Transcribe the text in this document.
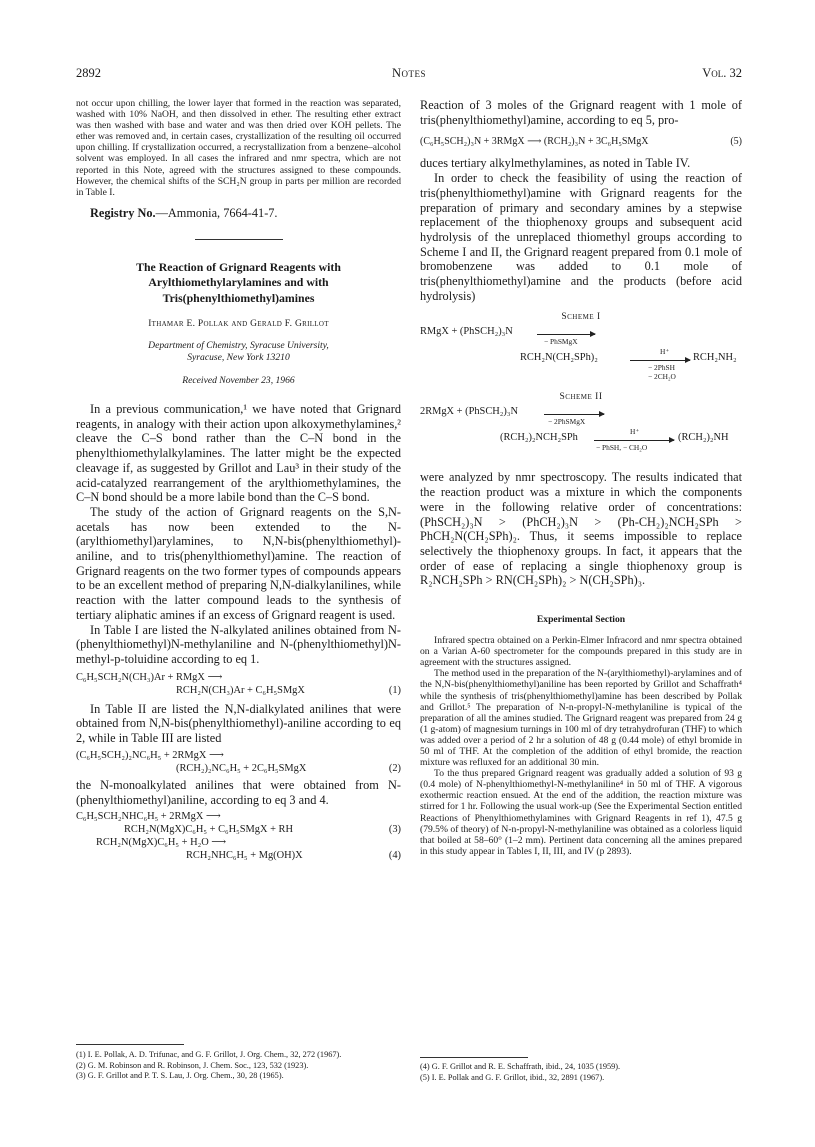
2892	Notes	Vol. 32

not occur upon chilling, the lower layer that formed in the reaction was separated, washed with 10% NaOH, and then dissolved in ether. The resulting ether extract was then washed with base and water and was then dried over KOH pellets. The ether was removed and, in certain cases, crystallization of the resulting oil occurred upon chilling. If crystallization occurred, a recrystallization from a benzene–alcohol solvent was employed. In all cases the infrared and nmr spectra, which are not reported in this Note, agreed with the structures assigned to these compounds. However, the chemical shifts of the SCH₂N group in parts per million are recorded in Table I.

Registry No.—Ammonia, 7664-41-7.

The Reaction of Grignard Reagents with
Arylthiomethylarylamines and with
Tris(phenylthiomethyl)amines
Ithamar E. Pollak and Gerald F. Grillot
Department of Chemistry, Syracuse University,
Syracuse, New York 13210
Received November 23, 1966

In a previous communication,¹ we have noted that Grignard reagents, in analogy with their action upon alkoxymethylamines,² cleave the C–S bond rather than the C–N bond in the phenylthiomethylalkylamines. The latter might be the expected cleavage if, as suggested by Grillot and Lau³ in their study of the acid-catalyzed rearrangement of the arylthiomethylamines, the C–N bond should be a more labile bond than the C–S bond.

The study of the action of Grignard reagents on the S,N-acetals has now been extended to the N-(arylthiomethyl)arylamines, to N,N-bis(phenylthiomethyl)-aniline, and to tris(phenylthiomethyl)amine. The reaction of Grignard reagents on the two former types of compounds appears to be an excellent method of preparing N,N-dialkylanilines, while reaction with the latter compound leads to the synthesis of tertiary aliphatic amines if an excess of Grignard reagent is used.

In Table I are listed the N-alkylated anilines obtained from N-(phenylthiomethyl)N-methylaniline and N-(phenylthiomethyl)N-methyl-p-toluidine according to eq 1.

C₆H₅SCH₂N(CH₃)Ar + RMgX ⟶
RCH₂N(CH₃)Ar + C₆H₅SMgX	(1)

In Table II are listed the N,N-dialkylated anilines that were obtained from N,N-bis(phenylthiomethyl)-aniline according to eq 2, while in Table III are listed

(C₆H₅SCH₂)₂NC₆H₅ + 2RMgX ⟶
(RCH₂)₂NC₆H₅ + 2C₆H₅SMgX	(2)

the N-monoalkylated anilines that were obtained from N-(phenylthiomethyl)aniline, according to eq 3 and 4.

C₆H₅SCH₂NHC₆H₅ + 2RMgX ⟶
RCH₂N(MgX)C₆H₅ + C₆H₅SMgX + RH	(3)
RCH₂N(MgX)C₆H₅ + H₂O ⟶
RCH₂NHC₆H₅ + Mg(OH)X	(4)

Reaction of 3 moles of the Grignard reagent with 1 mole of tris(phenylthiomethyl)amine, according to eq 5, pro-

(C₆H₅SCH₂)₃N + 3RMgX ⟶ (RCH₂)₃N + 3C₆H₅SMgX	(5)

duces tertiary alkylmethylamines, as noted in Table IV.

In order to check the feasibility of using the reaction of tris(phenylthiomethyl)amine with Grignard reagents for the preparation of primary and secondary amines by a stepwise replacement of the thiophenoxy groups and subsequent acid hydrolysis of the unreplaced thiomethyl groups according to Scheme I and II, the Grignard reagent prepared from 0.1 mole of bromobenzene was added to 0.1 mole of tris(phenylthiomethyl)amine and the products (before acid hydrolysis)

Scheme I
RMgX + (PhSCH₂)₃N
− PhSMgX
RCH₂N(CH₂SPh)₂
H⁺
− 2PhSH
− 2CH₂O
RCH₂NH₂
Scheme II
2RMgX + (PhSCH₂)₃N
− 2PhSMgX
(RCH₂)₂NCH₂SPh
H⁺
− PhSH, − CH₂O
(RCH₂)₂NH

were analyzed by nmr spectroscopy. The results indicated that the reaction product was a mixture in which the components were in the following relative order of concentrations: (PhSCH₂)₃N > (PhCH₂)₃N > (Ph-CH₂)₂NCH₂SPh > PhCH₂N(CH₂SPh)₂. Thus, it seems impossible to replace selectively the thiophenoxy groups. In fact, it appears that the order of ease of replacing a single thiophenoxy group is R₂NCH₂SPh > RN(CH₂SPh)₂ > N(CH₂SPh)₃.

Experimental Section

Infrared spectra obtained on a Perkin-Elmer Infracord and nmr spectra obtained on a Varian A-60 spectrometer for the compounds prepared in this study are in agreement with the structures assigned.

The method used in the preparation of the N-(arylthiomethyl)-arylamines and of the N,N-bis(phenylthiomethyl)aniline has been reported by Grillot and Schaffrath⁴ while the synthesis of tris(phenylthiomethyl)amine has been described by Pollak and Grillot.⁵ The preparation of N-n-propyl-N-methylaniline is typical of the preparation of all the amines studied. The Grignard reagent was prepared from 24 g (1 g-atom) of magnesium turnings in 100 ml of dry tetrahydrofuran (THF) to which was added over a period of 2 hr a solution of 48 g (0.44 mole) of ethyl bromide in 50 ml of THF. At the completion of the addition of ethyl bromide, the reaction mixture was refluxed for an additional 30 min.

To the thus prepared Grignard reagent was gradually added a solution of 93 g (0.4 mole) of N-phenylthiomethyl-N-methylaniline⁴ in 50 ml of THF. A vigorous exothermic reaction ensued. At the end of the addition, the reaction mixture was stirred for 1 hr. Following the usual work-up (See the Experimental Section entitled Reactions of Phenylthiomethylamines with Grignard Reagents in ref 1), 47.5 g (79.5% of theory) of N-n-propyl-N-methylaniline was obtained as a colorless liquid that boiled at 58–60° (1–2 mm). Pertinent data concerning all the amines prepared in this study appear in Tables I, II, III, and IV (p 2893).

(1) I. E. Pollak, A. D. Trifunac, and G. F. Grillot, J. Org. Chem., 32, 272 (1967).

(2) G. M. Robinson and R. Robinson, J. Chem. Soc., 123, 532 (1923).

(3) G. F. Grillot and P. T. S. Lau, J. Org. Chem., 30, 28 (1965).

(4) G. F. Grillot and R. E. Schaffrath, ibid., 24, 1035 (1959).

(5) I. E. Pollak and G. F. Grillot, ibid., 32, 2891 (1967).
